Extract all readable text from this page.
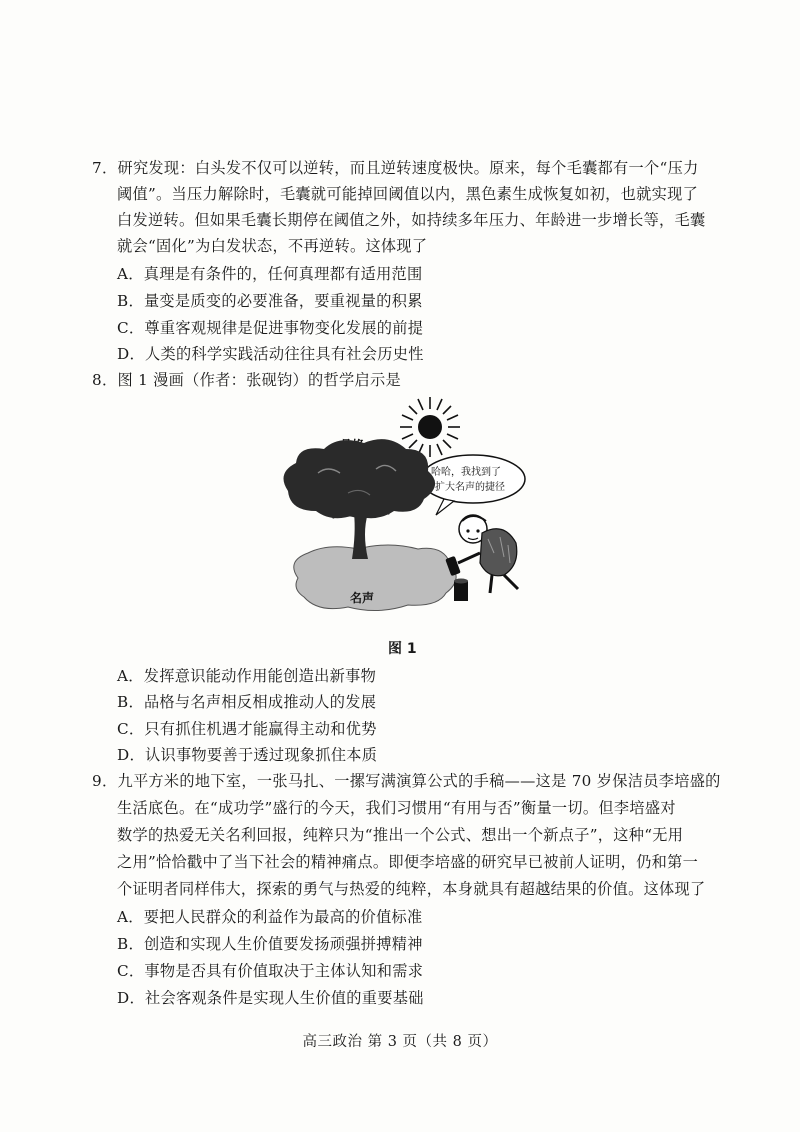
7．研究发现：白头发不仅可以逆转，而且逆转速度极快。原来，每个毛囊都有一个“压力
阈值”。当压力解除时，毛囊就可能掉回阈值以内，黑色素生成恢复如初，也就实现了
白发逆转。但如果毛囊长期停在阈值之外，如持续多年压力、年龄进一步增长等，毛囊
就会“固化”为白发状态，不再逆转。这体现了
A．真理是有条件的，任何真理都有适用范围
B．量变是质变的必要准备，要重视量的积累
C．尊重客观规律是促进事物变化发展的前提
D．人类的科学实践活动往往具有社会历史性
8．图 1 漫画（作者：张砚钧）的哲学启示是
哈哈，我找到了
扩大名声的捷径
名声
图 1
A．发挥意识能动作用能创造出新事物
B．品格与名声相反相成推动人的发展
C．只有抓住机遇才能赢得主动和优势
D．认识事物要善于透过现象抓住本质
9．九平方米的地下室，一张马扎、一摞写满演算公式的手稿——这是 70 岁保洁员李培盛的
生活底色。在“成功学”盛行的今天，我们习惯用“有用与否”衡量一切。但李培盛对
数学的热爱无关名利回报，纯粹只为“推出一个公式、想出一个新点子”，这种“无用
之用”恰恰戳中了当下社会的精神痛点。即便李培盛的研究早已被前人证明，仍和第一
个证明者同样伟大，探索的勇气与热爱的纯粹，本身就具有超越结果的价值。这体现了
A．要把人民群众的利益作为最高的价值标准
B．创造和实现人生价值要发扬顽强拼搏精神
C．事物是否具有价值取决于主体认知和需求
D．社会客观条件是实现人生价值的重要基础
高三政治 第 3 页（共 8 页）
